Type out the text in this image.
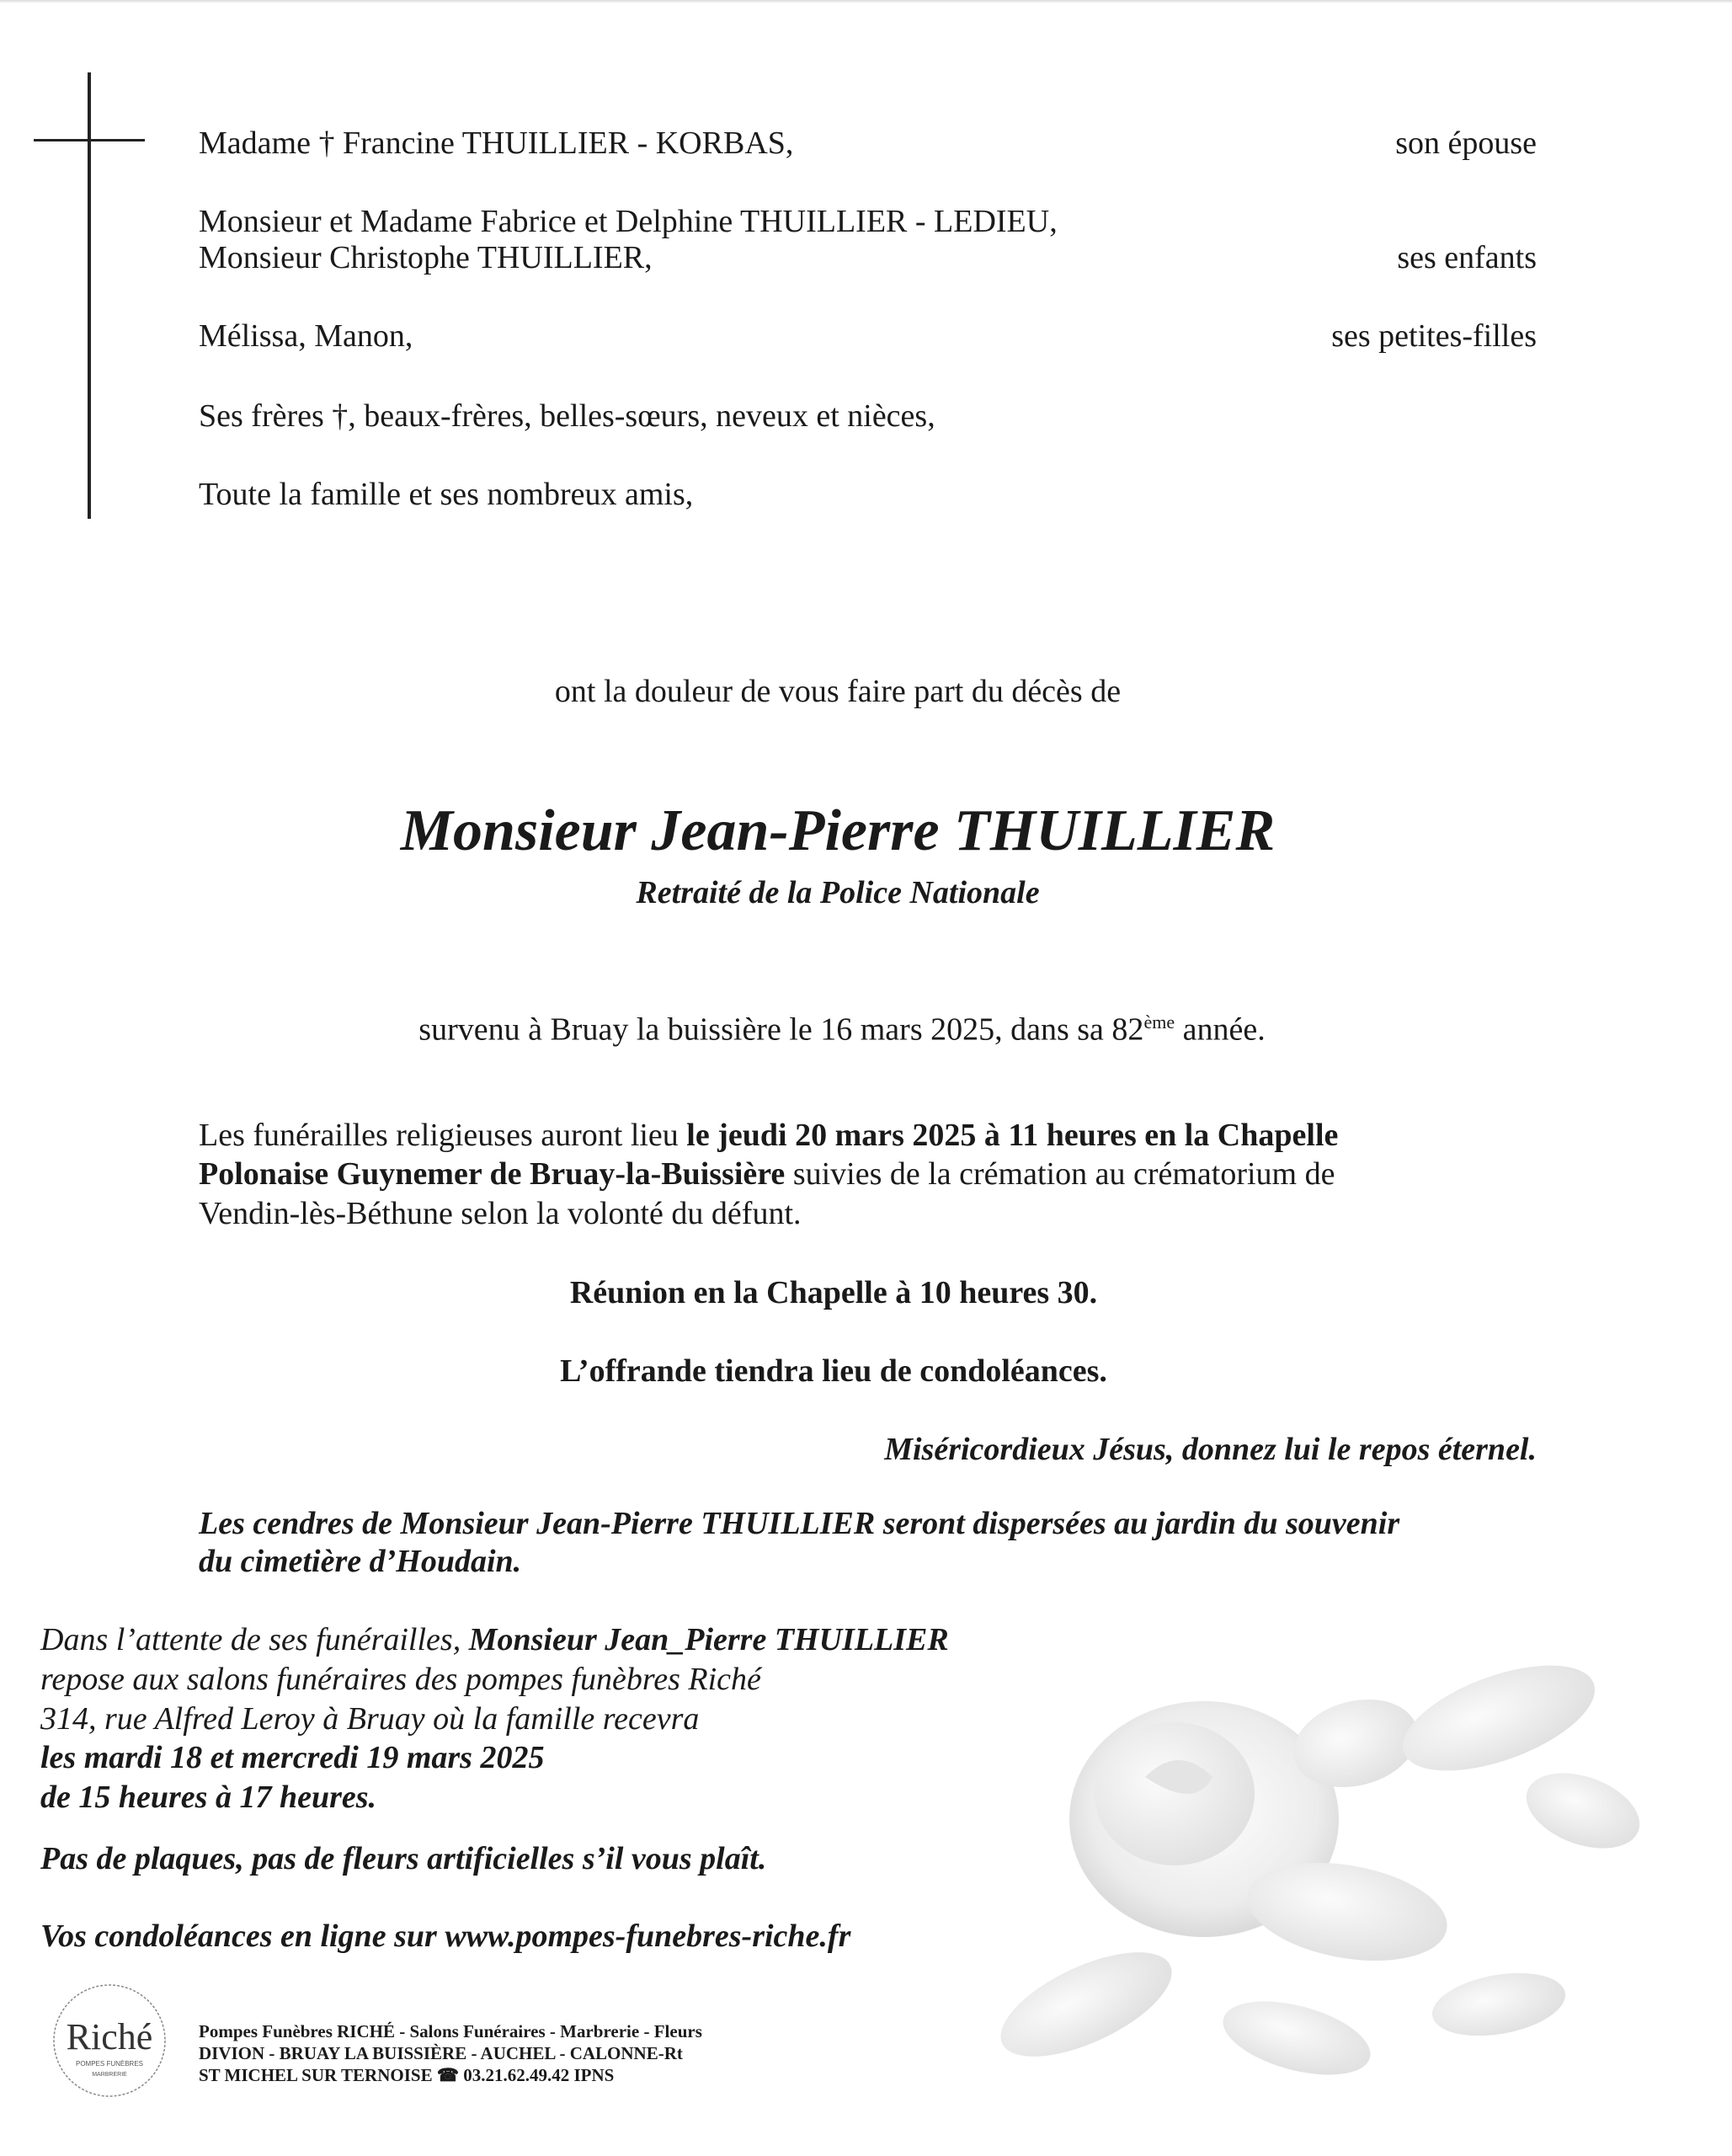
Madame † Francine THUILLIER - KORBAS,	son épouse

Monsieur et Madame Fabrice et Delphine THUILLIER - LEDIEU,

Monsieur Christophe THUILLIER,	ses enfants

Mélissa, Manon,	ses petites-filles

Ses frères †, beaux-frères, belles-sœurs, neveux et nièces,

Toute la famille et ses nombreux amis,

ont la douleur de vous faire part du décès de

Monsieur Jean-Pierre THUILLIER

Retraité de la Police Nationale

survenu à Bruay la buissière le 16 mars 2025, dans sa 82ème année.

Les funérailles religieuses auront lieu le jeudi 20 mars 2025 à 11 heures en la Chapelle

Polonaise Guynemer de Bruay-la-Buissière suivies de la crémation au crématorium de

Vendin-lès-Béthune selon la volonté du défunt.

Réunion en la Chapelle à 10 heures 30.

L’offrande tiendra lieu de condoléances.

Miséricordieux Jésus, donnez lui le repos éternel.

Les cendres de Monsieur Jean-Pierre THUILLIER seront dispersées au jardin du souvenir

du cimetière d’Houdain.

Dans l’attente de ses funérailles, Monsieur Jean_Pierre THUILLIER

repose aux salons funéraires des pompes funèbres Riché

314, rue Alfred Leroy à Bruay où la famille recevra

les mardi 18 et mercredi 19 mars 2025

de 15 heures à 17 heures.

Pas de plaques, pas de fleurs artificielles s’il vous plaît.

Vos condoléances en ligne sur www.pompes-funebres-riche.fr

Riché
POMPES FUNÈBRES
MARBRERIE

Pompes Funèbres RICHÉ - Salons Funéraires - Marbrerie - Fleurs

DIVION - BRUAY LA BUISSIÈRE - AUCHEL - CALONNE-Rt

ST MICHEL SUR TERNOISE ☎ 03.21.62.49.42 IPNS
